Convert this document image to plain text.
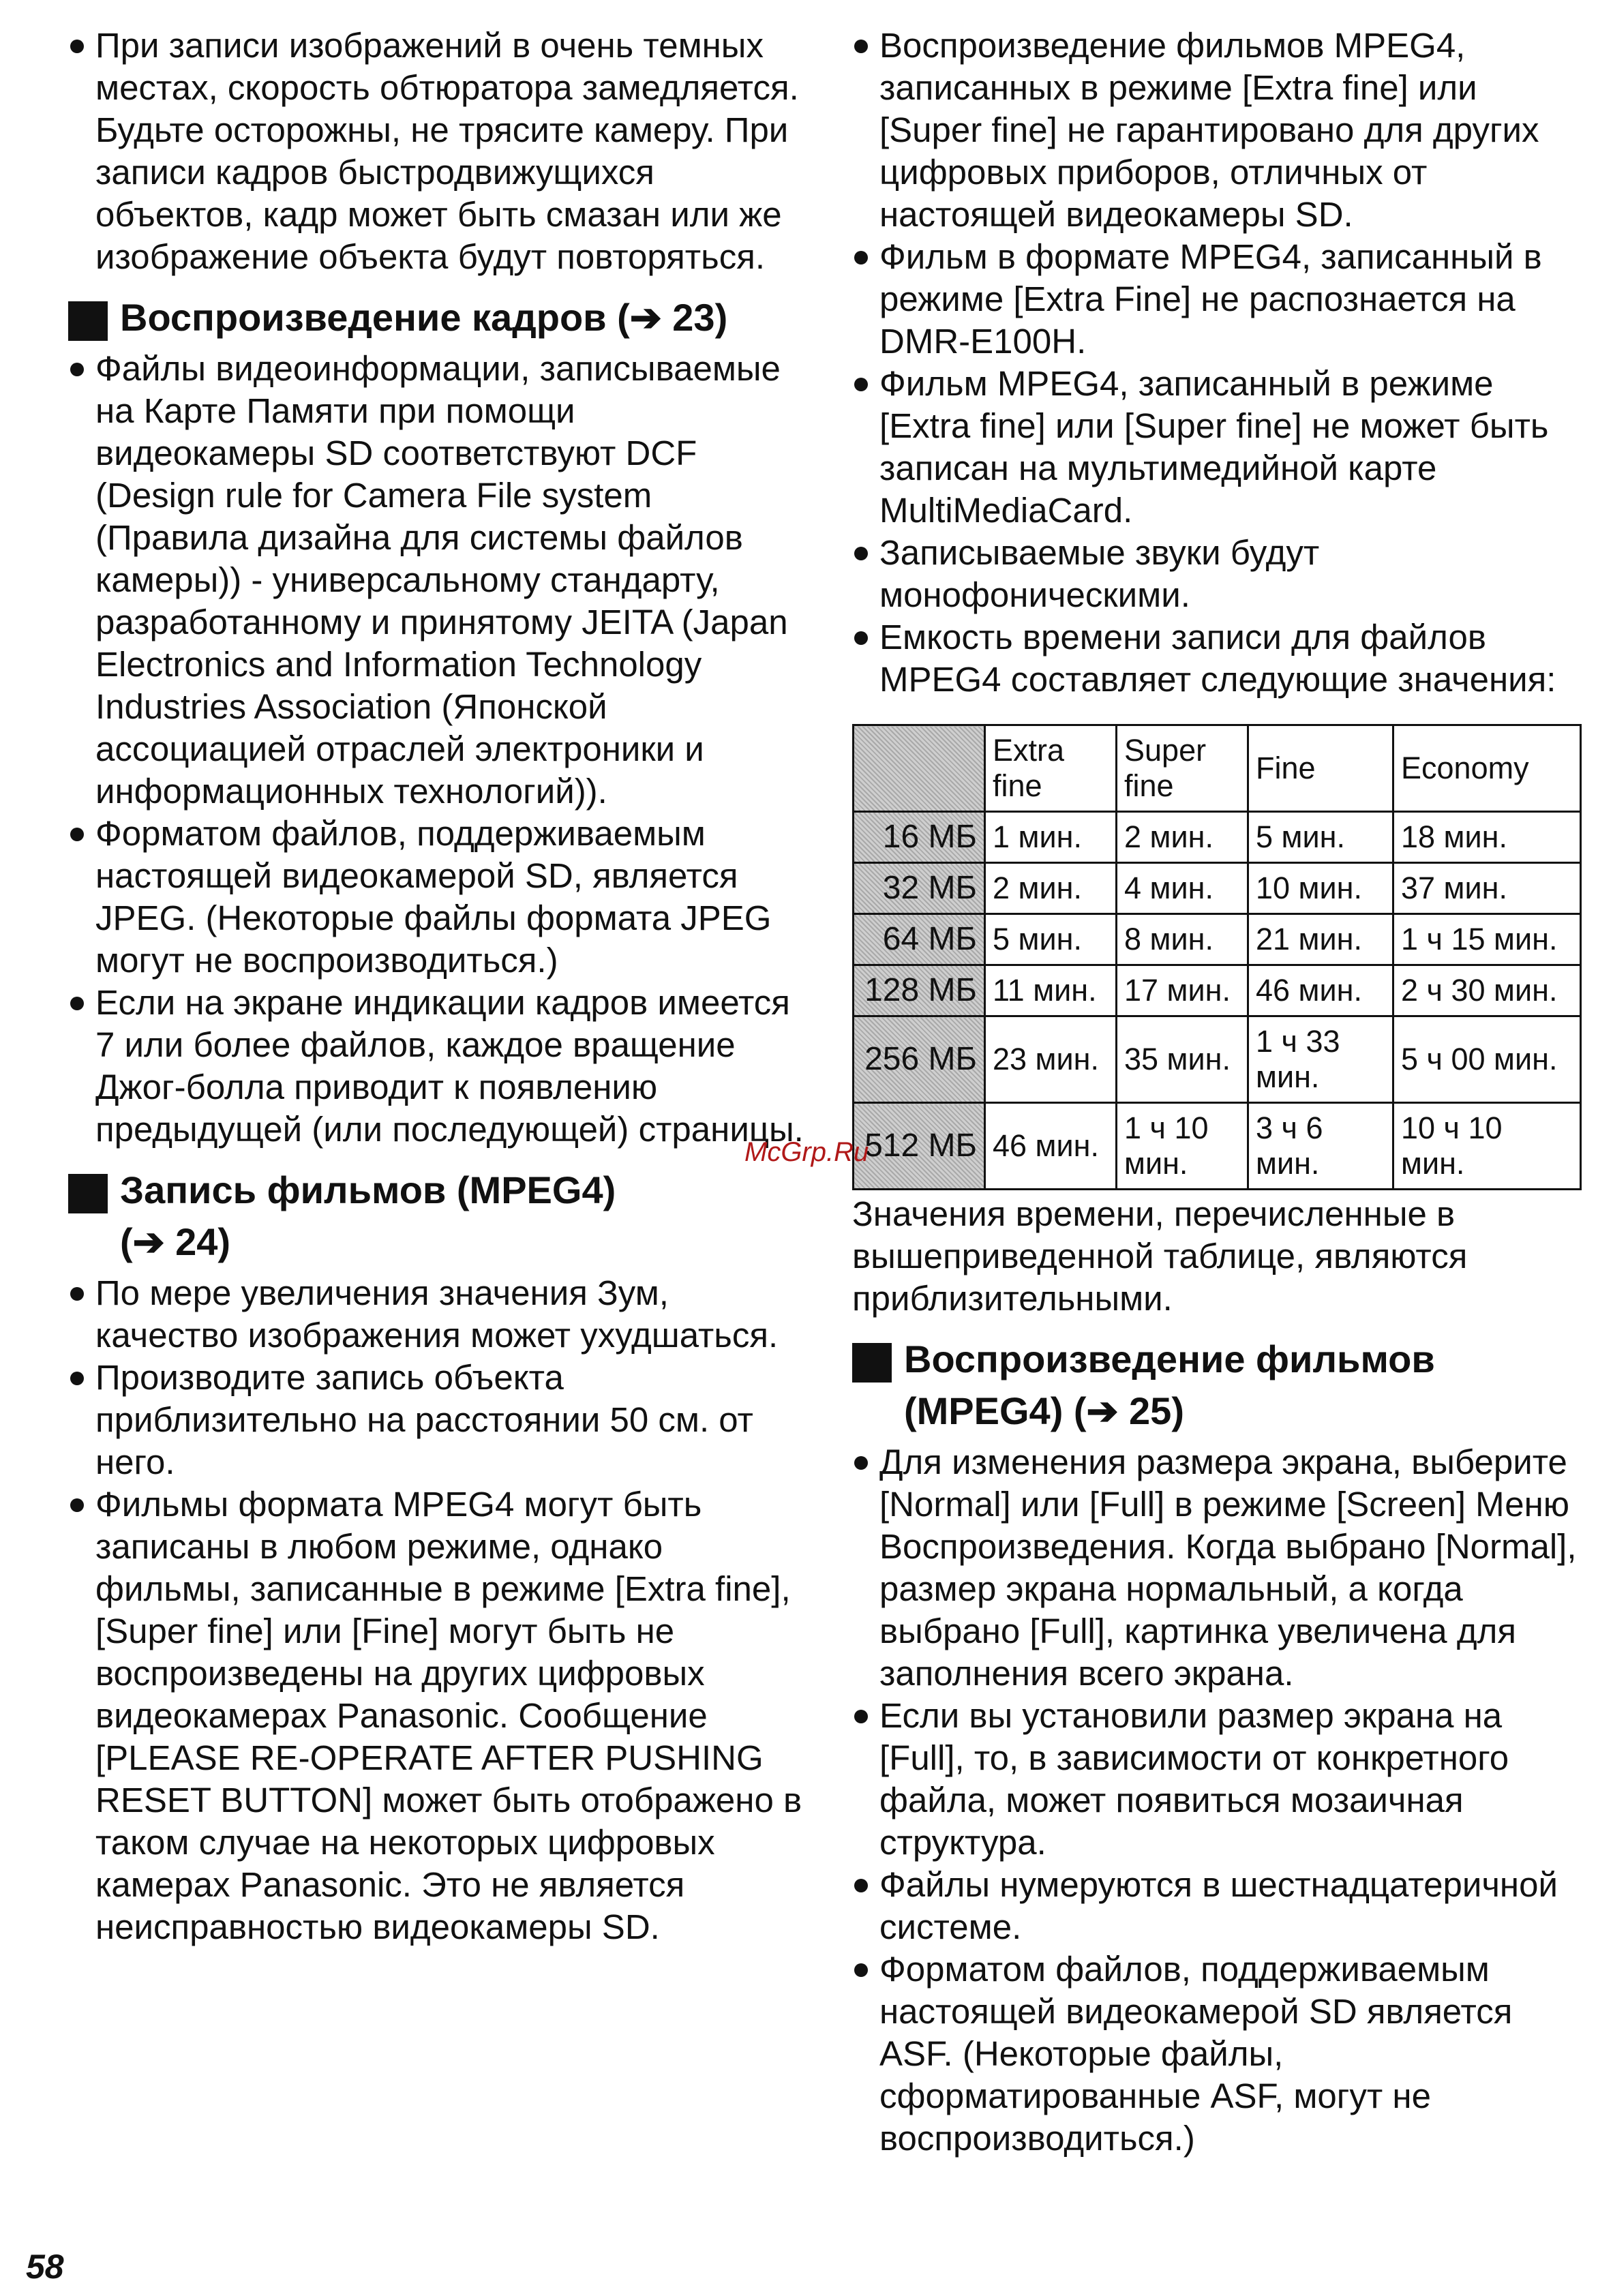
При записи изображений в очень темных местах, скорость обтюратора замедляется. Будьте осторожны, не трясите камеру. При записи кадров быстродвижущихся объектов, кадр может быть смазан или же изображение объекта будут повторяться.

Воспроизведение кадров (➔ 23)

Файлы видеоинформации, записываемые на Карте Памяти при помощи видеокамеры SD соответствуют DCF (Design rule for Camera File system (Правила дизайна для системы файлов камеры)) - универсальному стандарту, разработанному и принятому JEITA (Japan Electronics and Information Technology Industries Association (Японской ассоциацией отраслей электроники и информационных технологий)).

Форматом файлов, поддерживаемым настоящей видеокамерой SD, является JPEG. (Некоторые файлы формата JPEG могут не воспроизводиться.)

Если на экране индикации кадров имеется 7 или более файлов, каждое вращение Джог-болла приводит к появлению предыдущей (или последующей) страницы.

Запись фильмов (MPEG4)
(➔ 24)

По мере увеличения значения Зум, качество изображения может ухудшаться.

Производите запись объекта приблизительно на расстоянии 50 см. от него.

Фильмы формата MPEG4 могут быть записаны в любом режиме, однако фильмы, записанные в режиме [Extra fine], [Super fine] или [Fine] могут быть не воспроизведены на других цифровых видеокамерах Panasonic. Сообщение [PLEASE RE-OPERATE AFTER PUSHING RESET BUTTON] может быть отображено в таком случае на некоторых цифровых камерах Panasonic. Это не является неисправностью видеокамеры SD.

Воспроизведение фильмов MPEG4, записанных в режиме [Extra fine] или [Super fine] не гарантировано для других цифровых приборов, отличных от настоящей видеокамеры SD.

Фильм в формате MPEG4, записанный в режиме [Extra Fine] не распознается на DMR-E100H.

Фильм MPEG4, записанный в режиме [Extra fine] или [Super fine] не может быть записан на мультимедийной карте MultiMediaCard.

Записываемые звуки будут монофоническими.

Емкость времени записи для файлов MPEG4 составляет следующие значения:

	Extra fine	Super fine	Fine	Economy
16 МБ	1 мин.	2 мин.	5 мин.	18 мин.
32 МБ	2 мин.	4 мин.	10 мин.	37 мин.
64 МБ	5 мин.	8 мин.	21 мин.	1 ч 15 мин.
128 МБ	11 мин.	17 мин.	46 мин.	2 ч 30 мин.
256 МБ	23 мин.	35 мин.	1 ч 33 мин.	5 ч 00 мин.
512 МБ	46 мин.	1 ч 10 мин.	3 ч 6 мин.	10 ч 10 мин.

Значения времени, перечисленные в вышеприведенной таблице, являются приблизительными.

Воспроизведение фильмов
(MPEG4) (➔ 25)

Для изменения размера экрана, выберите [Normal] или [Full] в режиме [Screen] Меню Воспроизведения. Когда выбрано [Normal], размер экрана нормальный, а когда выбрано [Full], картинка увеличена для заполнения всего экрана.

Если вы установили размер экрана на [Full], то, в зависимости от конкретного файла, может появиться мозаичная структура.

Файлы нумеруются в шестнадцатеричной системе.

Форматом файлов, поддерживаемым настоящей видеокамерой SD является ASF. (Некоторые файлы, сформатированные ASF, могут не воспроизводиться.)

McGrp.Ru
58
